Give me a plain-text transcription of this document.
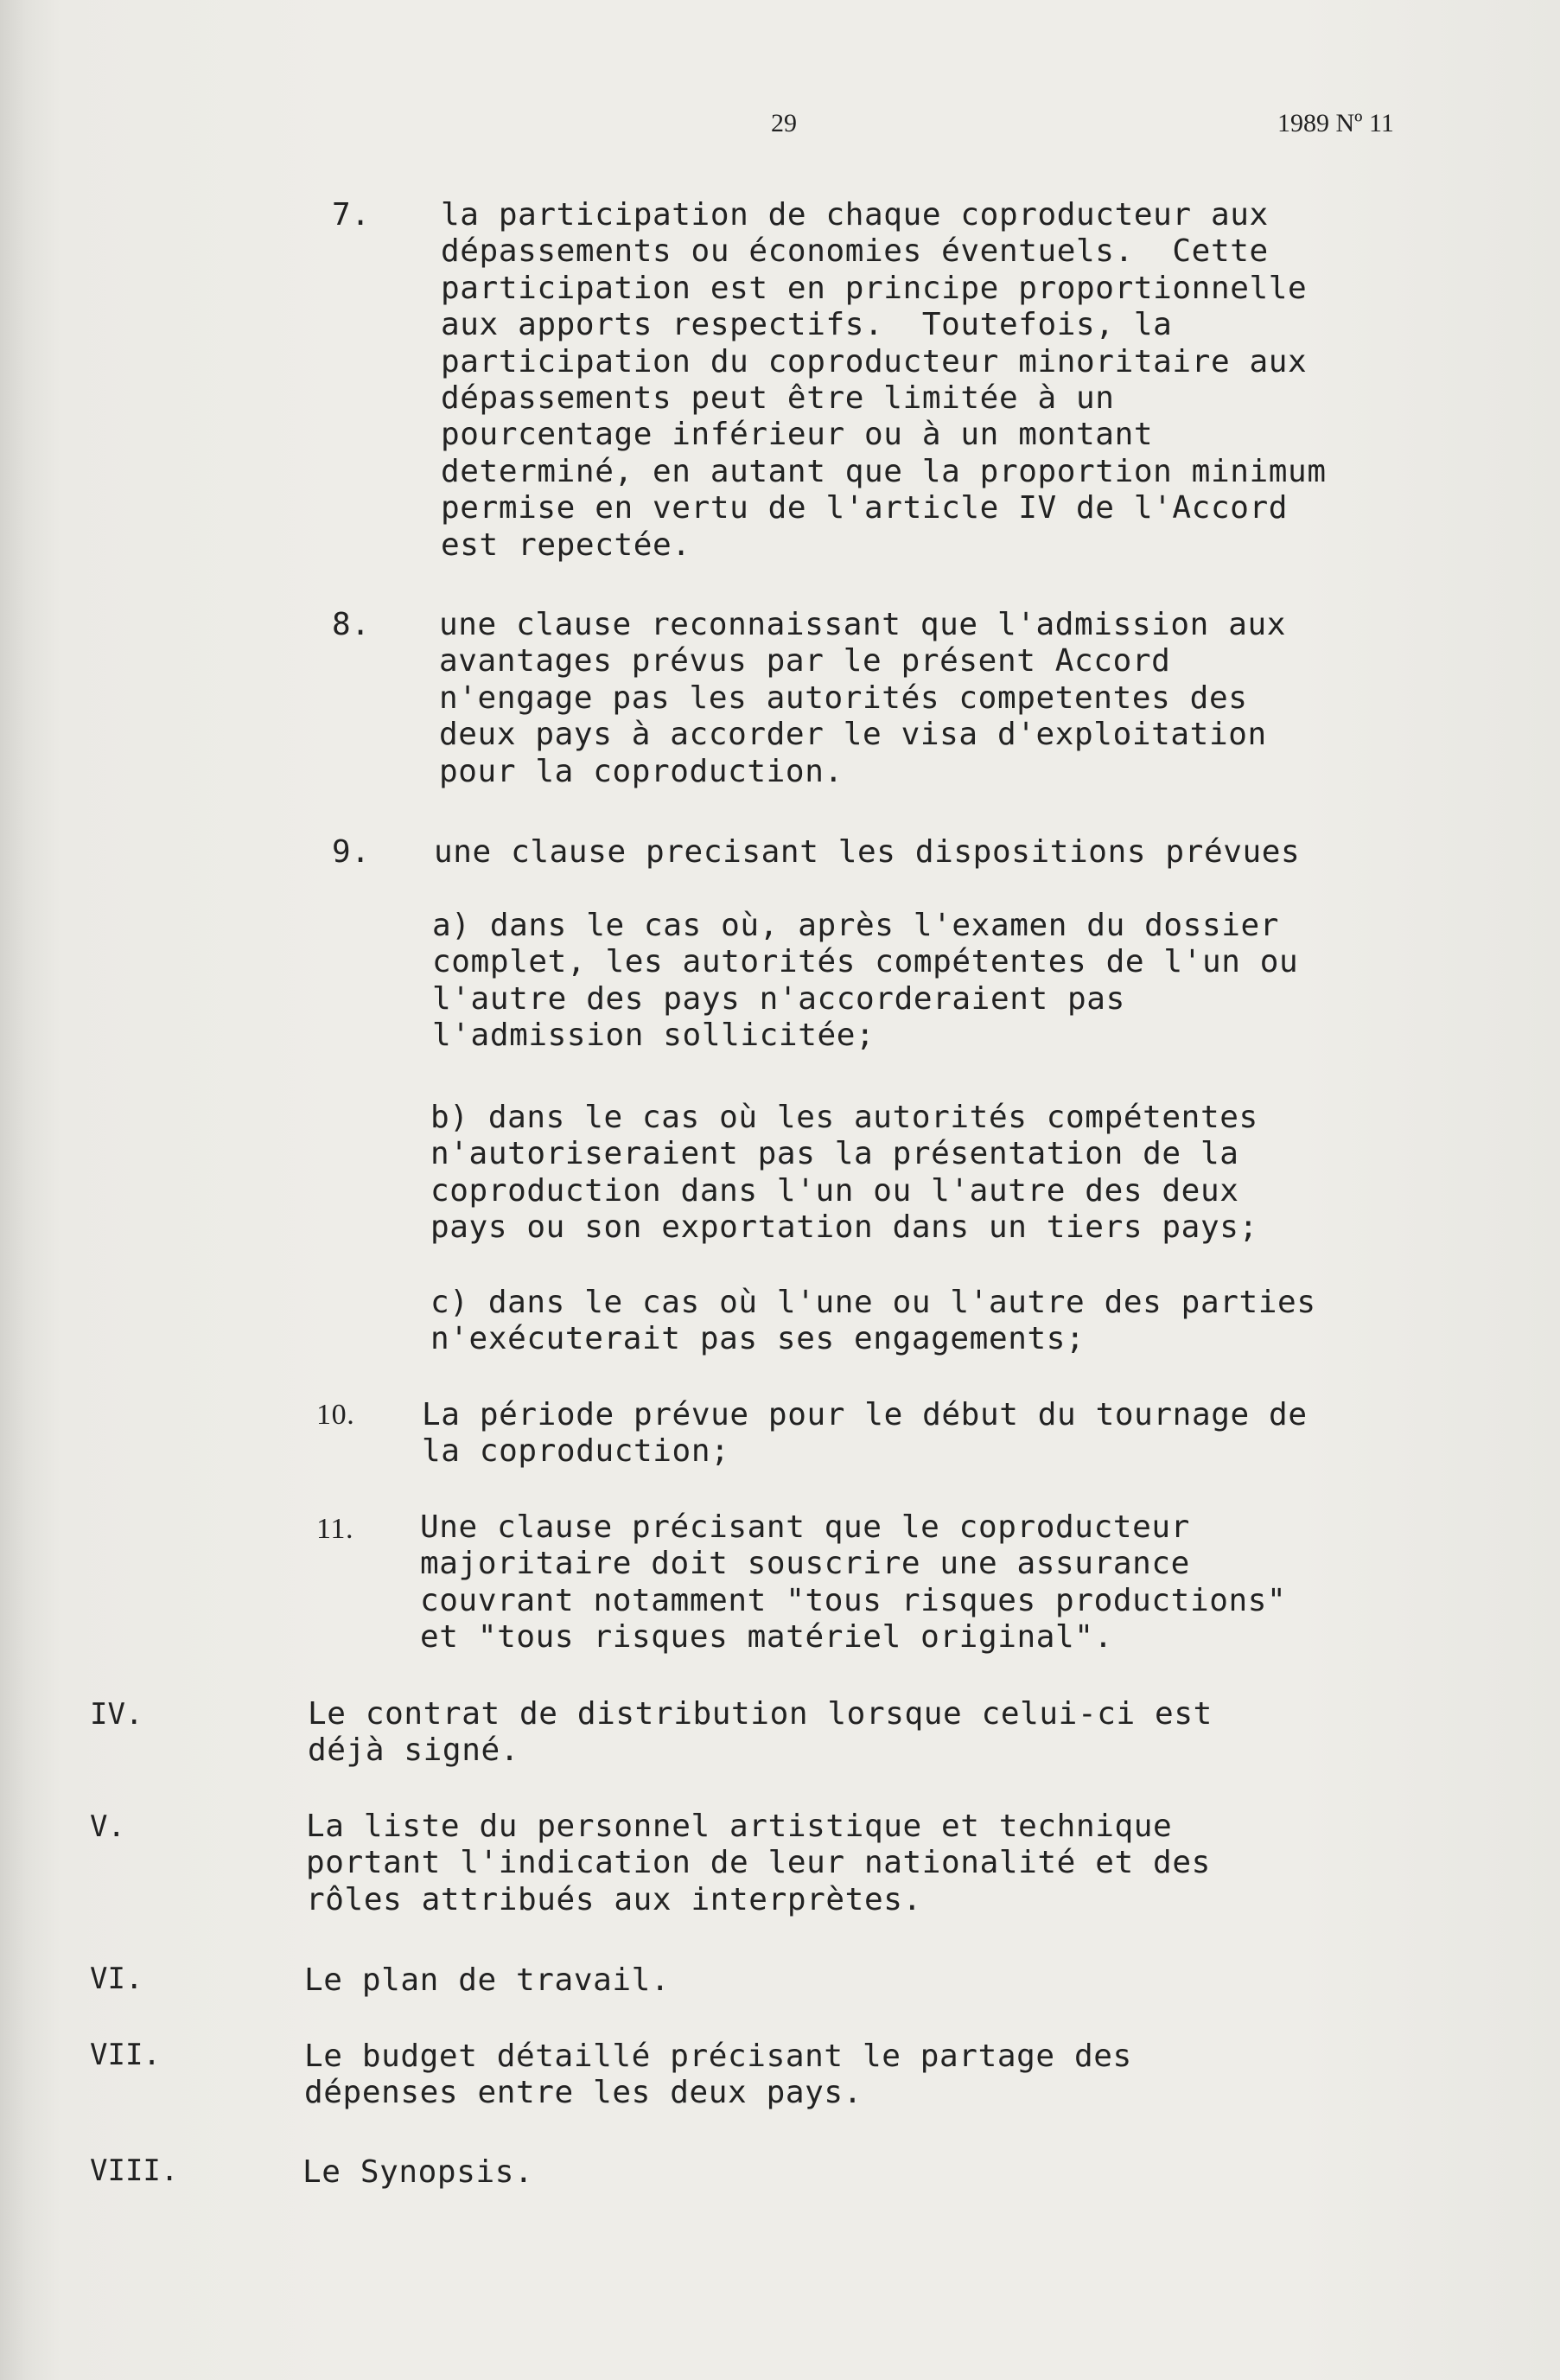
29	1989 Nº 11
7. la participation de chaque coproducteur aux
dépassements ou économies éventuels.  Cette
participation est en principe proportionnelle
aux apports respectifs.  Toutefois, la
participation du coproducteur minoritaire aux
dépassements peut être limitée à un
pourcentage inférieur ou à un montant
determiné, en autant que la proportion minimum
permise en vertu de l'article IV de l'Accord
est repectée.
8. une clause reconnaissant que l'admission aux
avantages prévus par le présent Accord
n'engage pas les autorités competentes des
deux pays à accorder le visa d'exploitation
pour la coproduction.
9. une clause precisant les dispositions prévues
a) dans le cas où, après l'examen du dossier
complet, les autorités compétentes de l'un ou
l'autre des pays n'accorderaient pas
l'admission sollicitée;
b) dans le cas où les autorités compétentes
n'autoriseraient pas la présentation de la
coproduction dans l'un ou l'autre des deux
pays ou son exportation dans un tiers pays;
c) dans le cas où l'une ou l'autre des parties
n'exécuterait pas ses engagements;
10. La période prévue pour le début du tournage de
la coproduction;
11. Une clause précisant que le coproducteur
majoritaire doit souscrire une assurance
couvrant notamment "tous risques productions"
et "tous risques matériel original".
IV.	Le contrat de distribution lorsque celui-ci est
déjà signé.
V.	La liste du personnel artistique et technique
portant l'indication de leur nationalité et des
rôles attribués aux interprètes.
VI.	Le plan de travail.
VII.	Le budget détaillé précisant le partage des
dépenses entre les deux pays.
VIII.	Le Synopsis.
